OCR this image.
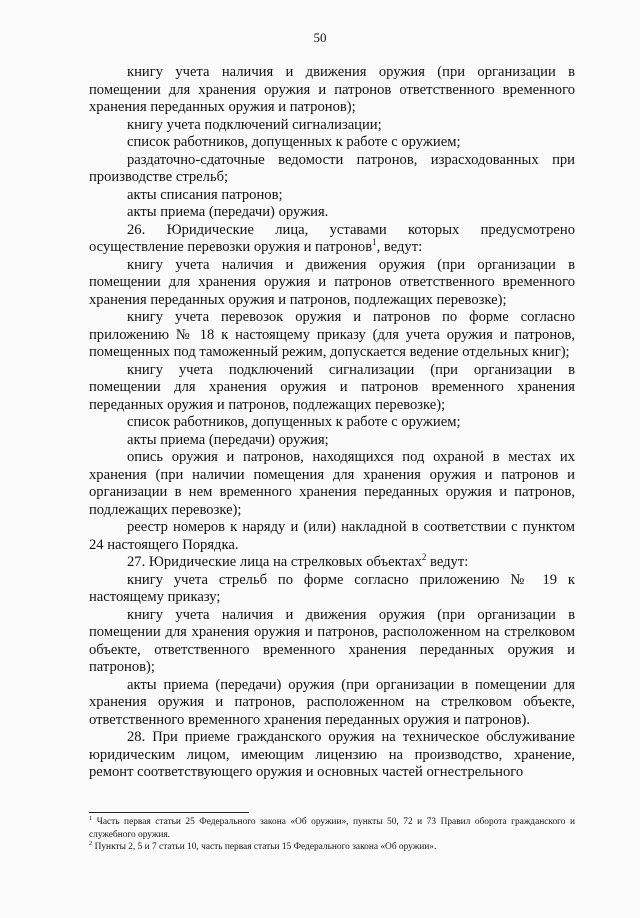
50

книгу учета наличия и движения оружия (при организации в помещении для хранения оружия и патронов ответственного временного хранения переданных оружия и патронов);

книгу учета подключений сигнализации;

список работников, допущенных к работе с оружием;

раздаточно-сдаточные ведомости патронов, израсходованных при производстве стрельб;

акты списания патронов;

акты приема (передачи) оружия.

26. Юридические лица, уставами которых предусмотрено осуществление перевозки оружия и патронов$^1$, ведут:

книгу учета наличия и движения оружия (при организации в помещении для хранения оружия и патронов ответственного временного хранения переданных оружия и патронов, подлежащих перевозке);

книгу учета перевозок оружия и патронов по форме согласно приложению № 18 к настоящему приказу (для учета оружия и патронов, помещенных под таможенный режим, допускается ведение отдельных книг);

книгу учета подключений сигнализации (при организации в помещении для хранения оружия и патронов временного хранения переданных оружия и патронов, подлежащих перевозке);

список работников, допущенных к работе с оружием;

акты приема (передачи) оружия;

опись оружия и патронов, находящихся под охраной в местах их хранения (при наличии помещения для хранения оружия и патронов и организации в нем временного хранения переданных оружия и патронов, подлежащих перевозке);

реестр номеров к наряду и (или) накладной в соответствии с пунктом 24 настоящего Порядка.

27. Юридические лица на стрелковых объектах$^2$ ведут:

книгу учета стрельб по форме согласно приложению № 19 к настоящему приказу;

книгу учета наличия и движения оружия (при организации в помещении для хранения оружия и патронов, расположенном на стрелковом объекте, ответственного временного хранения переданных оружия и патронов);

акты приема (передачи) оружия (при организации в помещении для хранения оружия и патронов, расположенном на стрелковом объекте, ответственного временного хранения переданных оружия и патронов).

28. При приеме гражданского оружия на техническое обслуживание юридическим лицом, имеющим лицензию на производство, хранение, ремонт соответствующего оружия и основных частей огнестрельного

$^1$ Часть первая статьи 25 Федерального закона «Об оружии», пункты 50, 72 и 73 Правил оборота гражданского и служебного оружия.

$^2$ Пункты 2, 5 и 7 статьи 10, часть первая статьи 15 Федерального закона «Об оружии».
